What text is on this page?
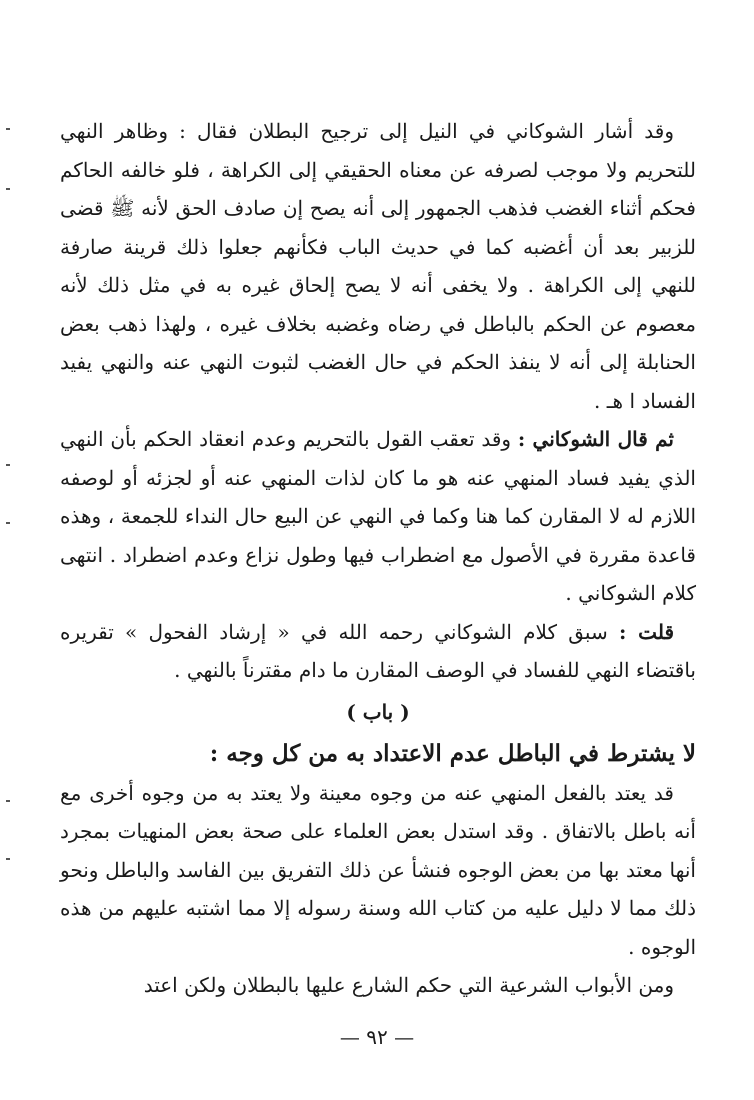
وقد أشار الشوكاني في النيل إلى ترجيح البطلان فقال : وظاهر النهي للتحريم ولا موجب لصرفه عن معناه الحقيقي إلى الكراهة ، فلو خالفه الحاكم فحكم أثناء الغضب فذهب الجمهور إلى أنه يصح إن صادف الحق لأنه ﷺ قضى للزبير بعد أن أغضبه كما في حديث الباب فكأنهم جعلوا ذلك قرينة صارفة للنهي إلى الكراهة . ولا يخفى أنه لا يصح إلحاق غيره به في مثل ذلك لأنه معصوم عن الحكم بالباطل في رضاه وغضبه بخلاف غيره ، ولهذا ذهب بعض الحنابلة إلى أنه لا ينفذ الحكم في حال الغضب لثبوت النهي عنه والنهي يفيد الفساد ا هـ .

ثم قال الشوكاني : وقد تعقب القول بالتحريم وعدم انعقاد الحكم بأن النهي الذي يفيد فساد المنهي عنه هو ما كان لذات المنهي عنه أو لجزئه أو لوصفه اللازم له لا المقارن كما هنا وكما في النهي عن البيع حال النداء للجمعة ، وهذه قاعدة مقررة في الأصول مع اضطراب فيها وطول نزاع وعدم اضطراد . انتهى كلام الشوكاني .

قلت : سبق كلام الشوكاني رحمه الله في « إرشاد الفحول » تقريره باقتضاء النهي للفساد في الوصف المقارن ما دام مقترناً بالنهي .

( باب )

لا يشترط في الباطل عدم الاعتداد به من كل وجه :

قد يعتد بالفعل المنهي عنه من وجوه معينة ولا يعتد به من وجوه أخرى مع أنه باطل بالاتفاق . وقد استدل بعض العلماء على صحة بعض المنهيات بمجرد أنها معتد بها من بعض الوجوه فنشأ عن ذلك التفريق بين الفاسد والباطل ونحو ذلك مما لا دليل عليه من كتاب الله وسنة رسوله إلا مما اشتبه عليهم من هذه الوجوه .

ومن الأبواب الشرعية التي حكم الشارع عليها بالبطلان ولكن اعتد

— ٩٢ —
